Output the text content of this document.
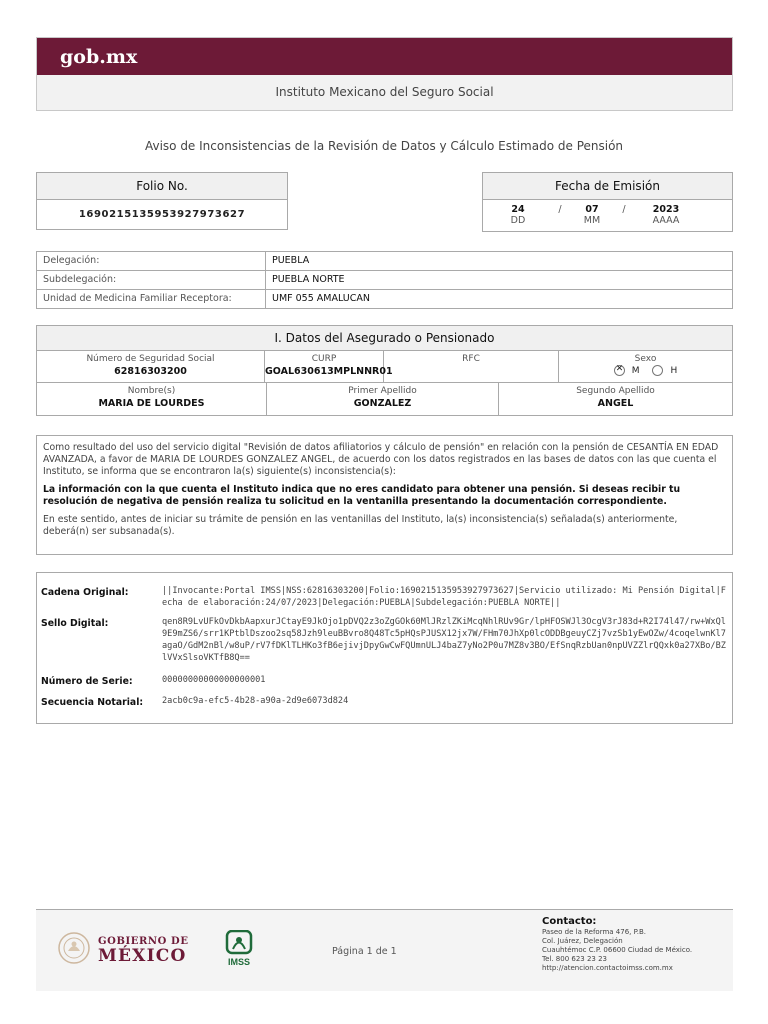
gob.mx
Instituto Mexicano del Seguro Social
Aviso de Inconsistencias de la Revisión de Datos y Cálculo Estimado de Pensión
Folio No.
1690215135953927973627
Fecha de Emisión
24
DD
/	07
MM
/	2023
AAAA
Delegación:	PUEBLA
Subdelegación:	PUEBLA NORTE
Unidad de Medicina Familiar Receptora:	UMF 055 AMALUCAN
I. Datos del Asegurado o Pensionado
Número de Seguridad Social
62816303200
CURP
GOAL630613MPLNNR01
RFC	Sexo
✕
M	H
Nombre(s)
MARIA DE LOURDES
Primer Apellido
GONZALEZ
Segundo Apellido
ANGEL

Como resultado del uso del servicio digital "Revisión de datos afiliatorios y cálculo de pensión" en relación con la pensión de CESANTÍA EN EDAD AVANZADA, a favor de MARIA DE LOURDES GONZALEZ ANGEL, de acuerdo con los datos registrados en las bases de datos con las que cuenta el Instituto, se informa que se encontraron la(s) siguiente(s) inconsistencia(s):

La información con la que cuenta el Instituto indica que no eres candidato para obtener una pensión. Si deseas recibir tu resolución de negativa de pensión realiza tu solicitud en la ventanilla presentando la documentación correspondiente.

En este sentido, antes de iniciar su trámite de pensión en las ventanillas del Instituto, la(s) inconsistencia(s) señalada(s) anteriormente, deberá(n) ser subsanada(s).

Cadena Original:	||Invocante:Portal IMSS|NSS:62816303200|Folio:1690215135953927973627|Servicio utilizado: Mi Pensión Digital|Fecha de elaboración:24/07/2023|Delegación:PUEBLA|Subdelegación:PUEBLA NORTE||
Sello Digital:	qen8R9LvUFkOvDkbAapxurJCtayE9JkOjo1pDVQ2z3oZgGOk60MlJRzlZKiMcqNhlRUv9Gr/lpHFOSWJl3OcgV3rJ83d+R2I74l47/rw+WxQl9E9mZS6/srr1KPtblDszoo2sq58Jzh9leuBBvro8Q48Tc5pHQsPJUSX12jx7W/FHm70JhXp0lcODDBgeuyCZj7vzSb1yEwOZw/4coqelwnKl7agaO/GdM2nBl/w8uP/rV7fDKlTLHKo3fB6ejivjDpyGwCwFQUmnULJ4baZ7yNo2P0u7MZ8v3BO/EfSnqRzbUan0npUVZZlrQQxk0a27XBo/BZlVVxSlsoVKTfB8Q==
Número de Serie:	00000000000000000001
Secuencia Notarial: 2acb0c9a-efc5-4b28-a90a-2d9e6073d824
GOBIERNO DE
MÉXICO	IMSS
Página 1 de 1
Contacto:
Paseo de la Reforma 476, P.B.
Col. Juárez, Delegación
Cuauhtémoc C.P. 06600 Ciudad de México.
Tel. 800 623 23 23
http://atencion.contactoimss.com.mx
